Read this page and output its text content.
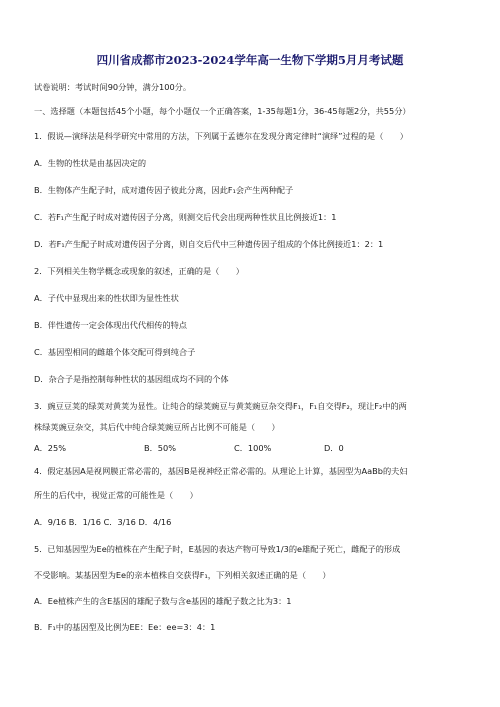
四川省成都市2023-2024学年高一生物下学期5月月考试题
试卷说明：考试时间90分钟，满分100分。
一、选择题（本题包括45个小题，每个小题仅一个正确答案，1-35每题1分，36-45每题2分，共55分）
1．假说—演绎法是科学研究中常用的方法，下列属于孟德尔在发现分离定律时“演绎”过程的是（　　）
A．生物的性状是由基因决定的
B．生物体产生配子时，成对遗传因子彼此分离，因此F₁会产生两种配子
C．若F₁产生配子时成对遗传因子分离，则测交后代会出现两种性状且比例接近1：1
D．若F₁产生配子时成对遗传因子分离，则自交后代中三种遗传因子组成的个体比例接近1：2：1
2．下列相关生物学概念或现象的叙述，正确的是（　　）
A．子代中显现出来的性状即为显性性状
B．伴性遗传一定会体现出代代相传的特点
C．基因型相同的雌雄个体交配可得到纯合子
D．杂合子是指控制每种性状的基因组成均不同的个体
3．豌豆豆荚的绿荚对黄荚为显性。让纯合的绿荚豌豆与黄荚豌豆杂交得F₁，F₁自交得F₂，现让F₂中的两
株绿荚豌豆杂交，其后代中纯合绿荚豌豆所占比例不可能是（　　）
A．25%	B．50%	C．100%	D．0
4．假定基因A是视网膜正常必需的，基因B是视神经正常必需的。从理论上计算，基因型为AaBb的夫妇
所生的后代中，视觉正常的可能性是（　　）
A．9/16 B．1/16 C．3/16 D．4/16
5．已知基因型为Ee的植株在产生配子时，E基因的表达产物可导致1/3的e雄配子死亡，雌配子的形成
不受影响。某基因型为Ee的亲本植株自交获得F₁，下列相关叙述正确的是（　　）
A．Ee植株产生的含E基因的雄配子数与含e基因的雄配子数之比为3：1
B．F₁中的基因型及比例为EE：Ee：ee=3：4：1
